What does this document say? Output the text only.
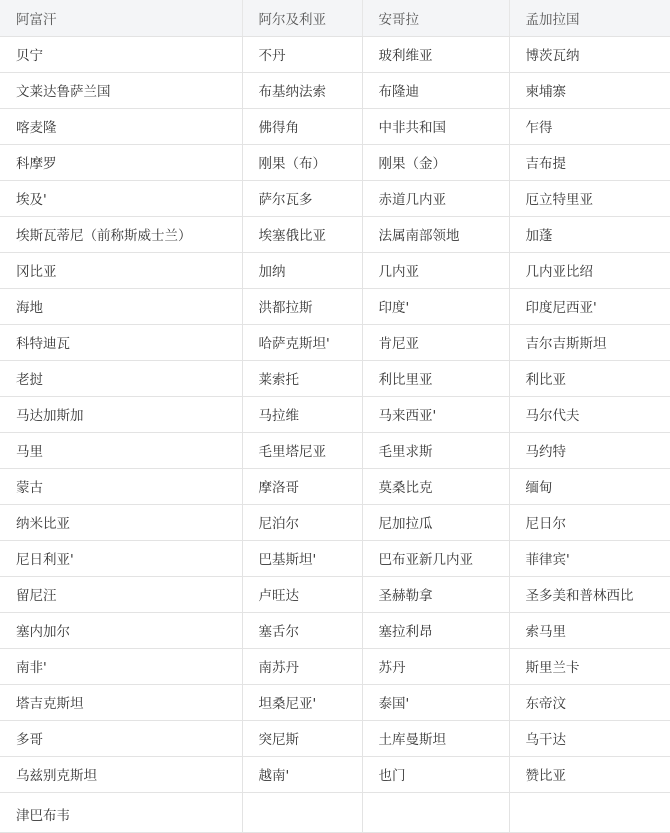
阿富汗	阿尔及利亚	安哥拉	孟加拉国
贝宁	不丹	玻利维亚	博茨瓦纳
文莱达鲁萨兰国	布基纳法索	布隆迪	柬埔寨
喀麦隆	佛得角	中非共和国	乍得
科摩罗	刚果（布）	刚果（金）	吉布提
埃及'	萨尔瓦多	赤道几内亚	厄立特里亚
埃斯瓦蒂尼（前称斯威士兰）	埃塞俄比亚	法属南部领地	加蓬
冈比亚	加纳	几内亚	几内亚比绍
海地	洪都拉斯	印度'	印度尼西亚'
科特迪瓦	哈萨克斯坦'	肯尼亚	吉尔吉斯斯坦
老挝	莱索托	利比里亚	利比亚
马达加斯加	马拉维	马来西亚'	马尔代夫
马里	毛里塔尼亚	毛里求斯	马约特
蒙古	摩洛哥	莫桑比克	缅甸
纳米比亚	尼泊尔	尼加拉瓜	尼日尔
尼日利亚'	巴基斯坦'	巴布亚新几内亚	菲律宾'
留尼汪	卢旺达	圣赫勒拿	圣多美和普林西比
塞内加尔	塞舌尔	塞拉利昂	索马里
南非'	南苏丹	苏丹	斯里兰卡
塔吉克斯坦	坦桑尼亚'	泰国'	东帝汶
多哥	突尼斯	土库曼斯坦	乌干达
乌兹别克斯坦	越南'	也门	赞比亚
津巴布韦			
